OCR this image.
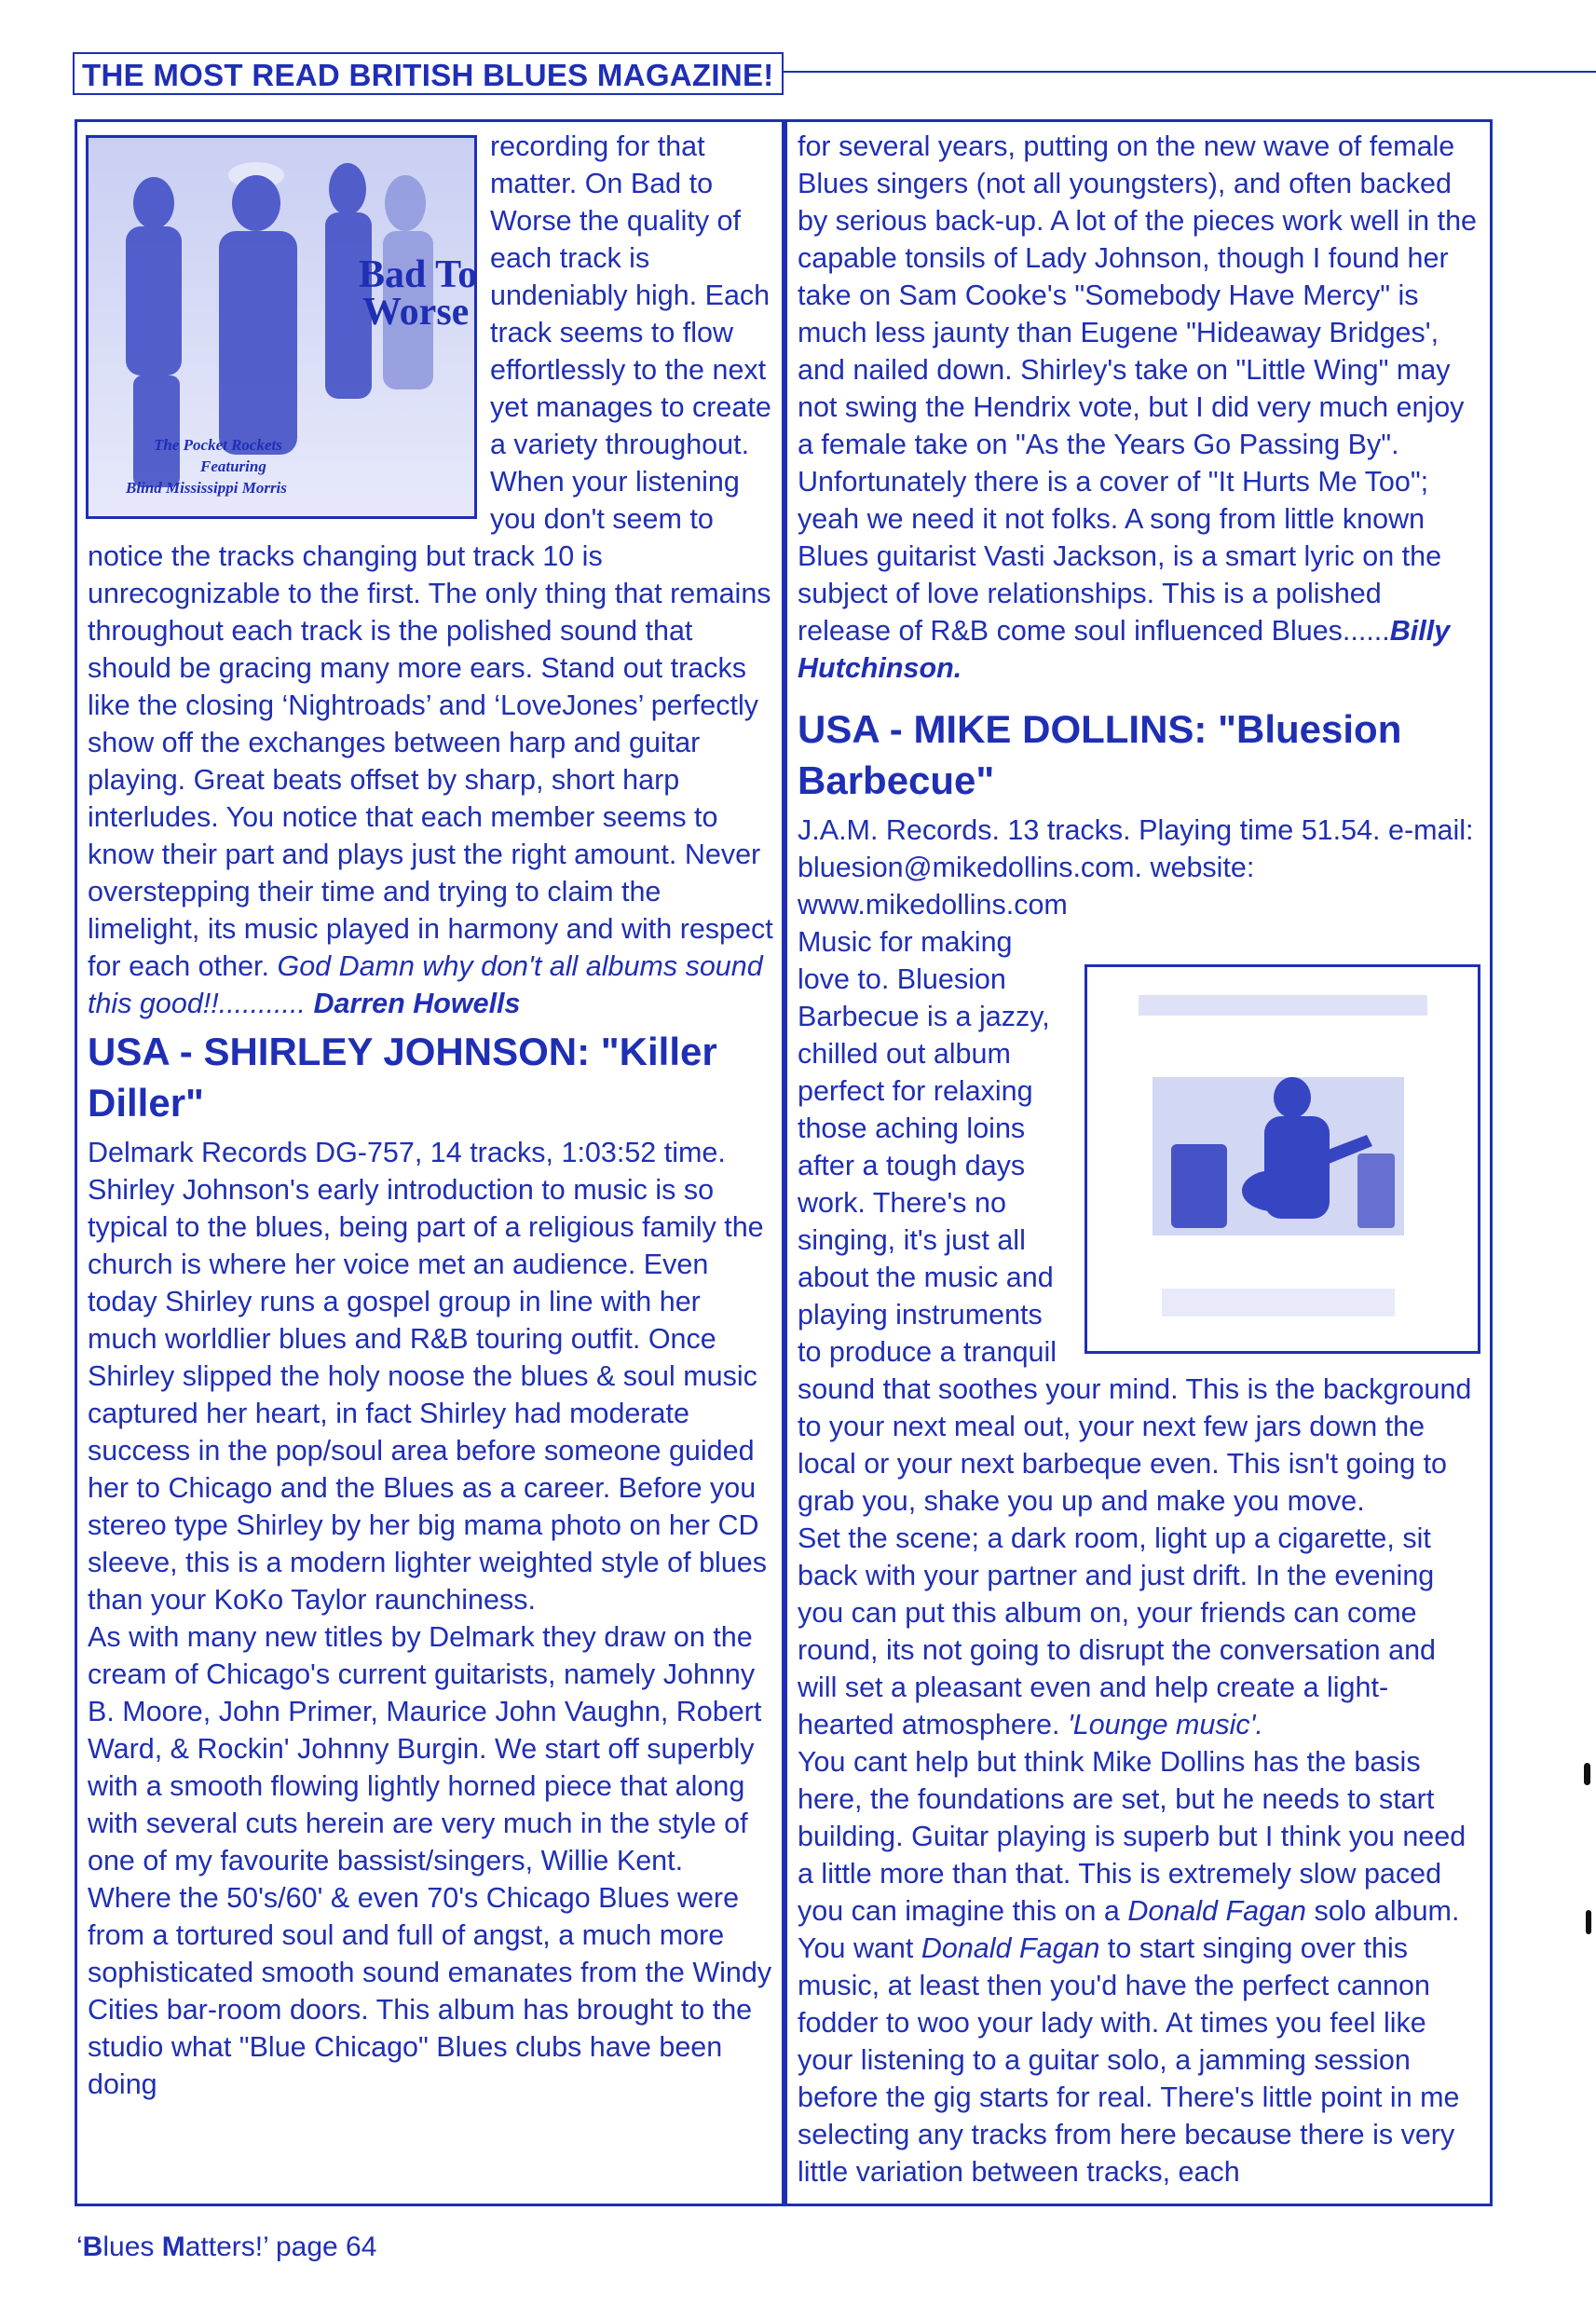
THE MOST READ BRITISH BLUES MAGAZINE!
Bad To
Worse
The Pocket Rockets
Featuring
Blind Mississippi Morris

recording for that matter. On Bad to Worse the quality of each track is undeniably high. Each track seems to flow effortlessly to the next yet manages to create a variety throughout. When your listening you don't seem to notice the tracks changing but track 10 is unrecognizable to the first. The only thing that remains throughout each track is the polished sound that should be gracing many more ears. Stand out tracks like the closing ‘Nightroads’ and ‘LoveJones’ perfectly show off the exchanges between harp and guitar playing. Great beats offset by sharp, short harp interludes. You notice that each member seems to know their part and plays just the right amount. Never overstepping their time and trying to claim the limelight, its music played in harmony and with respect for each other. God Damn why don't all albums sound this good!!........... Darren Howells

USA - SHIRLEY JOHNSON: "Killer Diller"

Delmark Records DG-757, 14 tracks, 1:03:52 time. Shirley Johnson's early introduction to music is so typical to the blues, being part of a religious family the church is where her voice met an audience. Even today Shirley runs a gospel group in line with her much worldlier blues and R&B touring outfit. Once Shirley slipped the holy noose the blues & soul music captured her heart, in fact Shirley had moderate success in the pop/soul area before someone guided her to Chicago and the Blues as a career. Before you stereo type Shirley by her big mama photo on her CD sleeve, this is a modern lighter weighted style of blues than your KoKo Taylor raunchiness.

As with many new titles by Delmark they draw on the cream of Chicago's current guitarists, namely Johnny B. Moore, John Primer, Maurice John Vaughn, Robert Ward, & Rockin' Johnny Burgin. We start off superbly with a smooth flowing lightly horned piece that along with several cuts herein are very much in the style of one of my favourite bassist/singers, Willie Kent. Where the 50's/60' & even 70's Chicago Blues were from a tortured soul and full of angst, a much more sophisticated smooth sound emanates from the Windy Cities bar-room doors. This album has brought to the studio what "Blue Chicago" Blues clubs have been doing

for several years, putting on the new wave of female Blues singers (not all youngsters), and often backed by serious back-up. A lot of the pieces work well in the capable tonsils of Lady Johnson, though I found her take on Sam Cooke's "Somebody Have Mercy" is much less jaunty than Eugene "Hideaway Bridges', and nailed down. Shirley's take on "Little Wing" may not swing the Hendrix vote, but I did very much enjoy a female take on "As the Years Go Passing By". Unfortunately there is a cover of "It Hurts Me Too"; yeah we need it not folks. A song from little known Blues guitarist Vasti Jackson, is a smart lyric on the subject of love relationships. This is a polished release of R&B come soul influenced Blues......Billy Hutchinson.

USA - MIKE DOLLINS: "Bluesion Barbecue"

J.A.M. Records. 13 tracks. Playing time 51.54. e-mail: bluesion@mikedollins.com. website: www.mikedollins.com

Music for making love to. Bluesion Barbecue is a jazzy, chilled out album perfect for relaxing those aching loins after a tough days work. There's no singing, it's just all about the music and playing instruments to produce a tranquil sound that soothes your mind. This is the background to your next meal out, your next few jars down the local or your next barbeque even. This isn't going to grab you, shake you up and make you move.

Set the scene; a dark room, light up a cigarette, sit back with your partner and just drift. In the evening you can put this album on, your friends can come round, its not going to disrupt the conversation and will set a pleasant even and help create a light-hearted atmosphere. 'Lounge music'.

You cant help but think Mike Dollins has the basis here, the foundations are set, but he needs to start building. Guitar playing is superb but I think you need a little more than that. This is extremely slow paced you can imagine this on a Donald Fagan solo album. You want Donald Fagan to start singing over this music, at least then you'd have the perfect cannon fodder to woo your lady with. At times you feel like your listening to a guitar solo, a jamming session before the gig starts for real. There's little point in me selecting any tracks from here because there is very little variation between tracks, each

‘Blues Matters!’ page 64
